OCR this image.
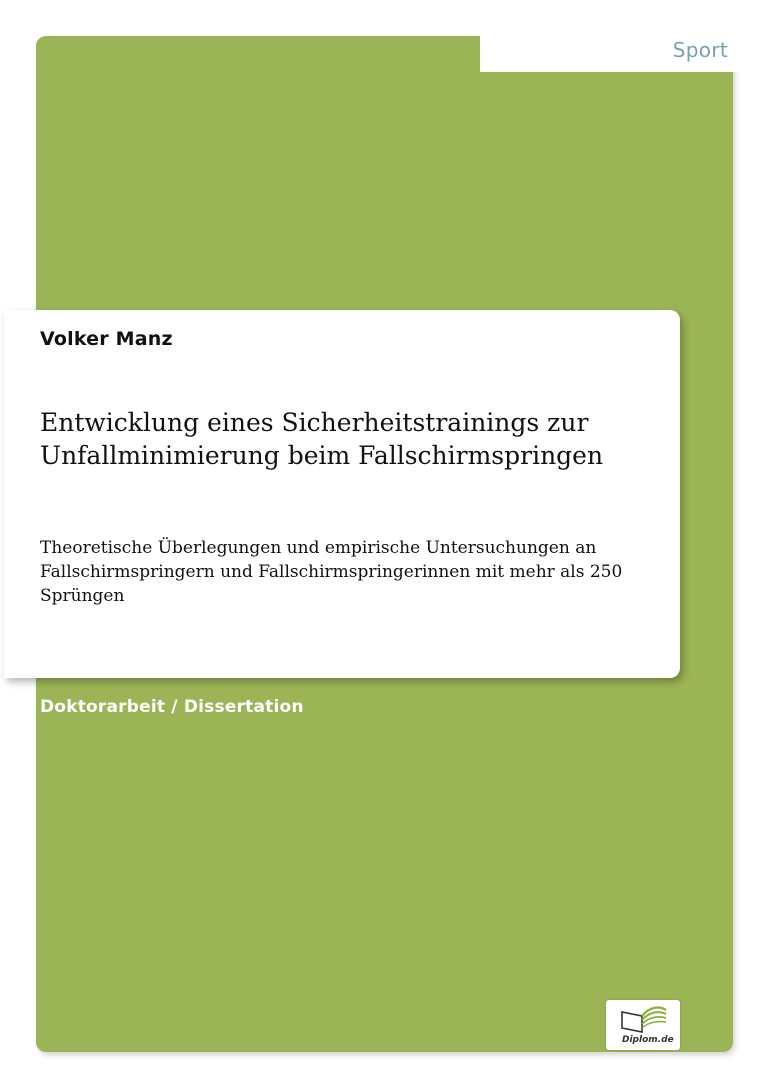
Sport
Volker Manz
Entwicklung eines Sicherheitstrainings zur Unfallminimierung beim Fallschirmspringen

Theoretische Überlegungen und empirische Untersuchungen an Fallschirmspringern und Fallschirmspringerinnen mit mehr als 250 Sprüngen

Doktorarbeit / Dissertation
Diplom.de
